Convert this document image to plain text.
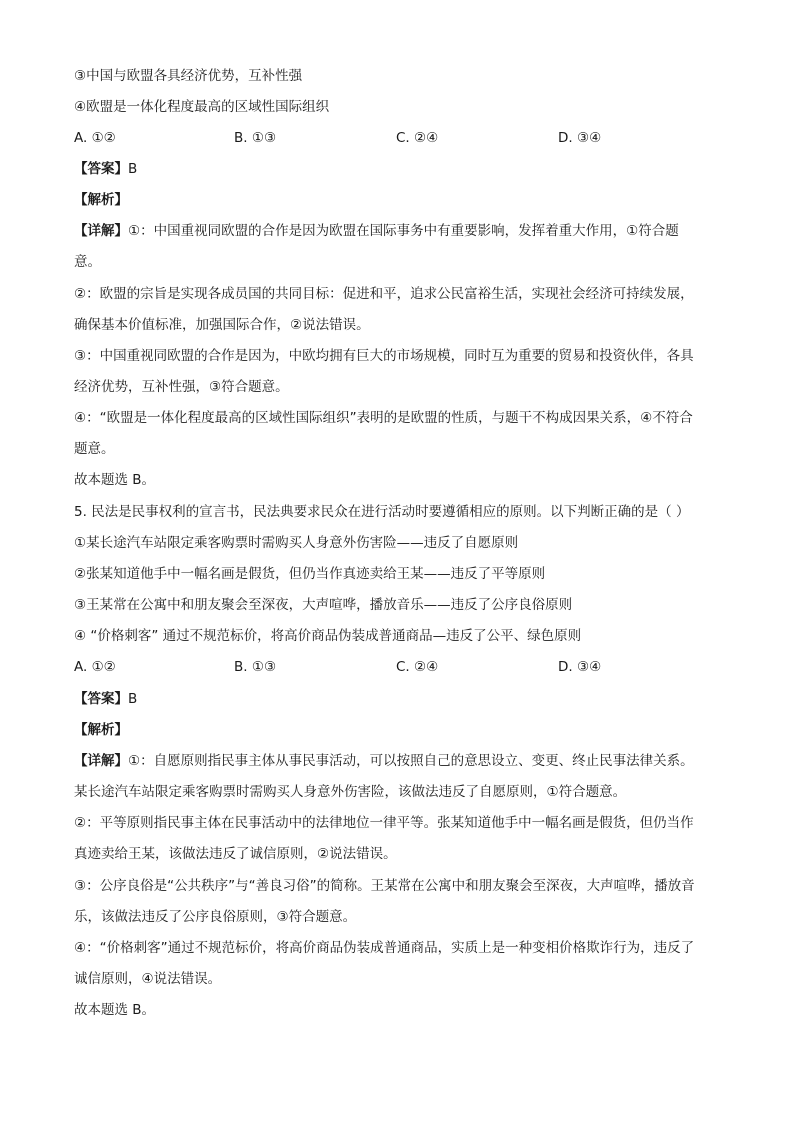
③中国与欧盟各具经济优势，互补性强
④欧盟是一体化程度最高的区域性国际组织
A. ①②	B. ①③	C. ②④	D. ③④
【答案】B
【解析】
【详解】①：中国重视同欧盟的合作是因为欧盟在国际事务中有重要影响，发挥着重大作用，①符合题
意。
②：欧盟的宗旨是实现各成员国的共同目标：促进和平，追求公民富裕生活，实现社会经济可持续发展，
确保基本价值标准，加强国际合作，②说法错误。
③：中国重视同欧盟的合作是因为，中欧均拥有巨大的市场规模，同时互为重要的贸易和投资伙伴，各具
经济优势，互补性强，③符合题意。
④：“欧盟是一体化程度最高的区域性国际组织”表明的是欧盟的性质，与题干不构成因果关系，④不符合
题意。
故本题选 B。
5. 民法是民事权利的宣言书，民法典要求民众在进行活动时要遵循相应的原则。以下判断正确的是（ ）
①某长途汽车站限定乘客购票时需购买人身意外伤害险——违反了自愿原则
②张某知道他手中一幅名画是假货，但仍当作真迹卖给王某——违反了平等原则
③王某常在公寓中和朋友聚会至深夜，大声喧哗，播放音乐——违反了公序良俗原则
④ “价格刺客” 通过不规范标价，将高价商品伪装成普通商品—违反了公平、绿色原则
A. ①②	B. ①③	C. ②④	D. ③④
【答案】B
【解析】
【详解】①：自愿原则指民事主体从事民事活动，可以按照自己的意思设立、变更、终止民事法律关系。
某长途汽车站限定乘客购票时需购买人身意外伤害险，该做法违反了自愿原则，①符合题意。
②：平等原则指民事主体在民事活动中的法律地位一律平等。张某知道他手中一幅名画是假货，但仍当作
真迹卖给王某，该做法违反了诚信原则，②说法错误。
③：公序良俗是“公共秩序”与“善良习俗”的简称。王某常在公寓中和朋友聚会至深夜，大声喧哗，播放音
乐，该做法违反了公序良俗原则，③符合题意。
④：“价格刺客”通过不规范标价，将高价商品伪装成普通商品，实质上是一种变相价格欺诈行为，违反了
诚信原则，④说法错误。
故本题选 B。
